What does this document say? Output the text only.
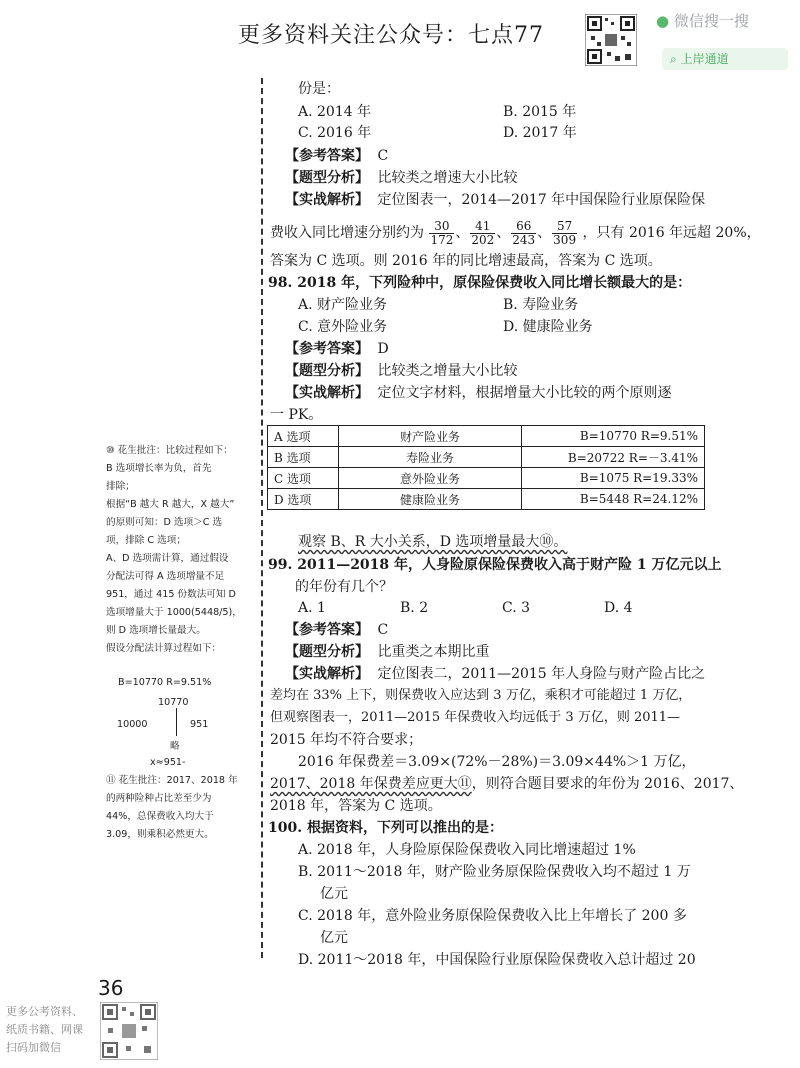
更多资料关注公众号：七点77
● 微信搜一搜
⌕ 上岸通道
份是：
A. 2014 年	B. 2015 年
C. 2016 年	D. 2017 年
【参考答案】 C
【题型分析】 比较类之增速大小比较
【实战解析】 定位图表一，2014—2017 年中国保险行业原保险保
费收入同比增速分别约为 $\frac{30}{172}$ 、 $\frac{41}{202}$ 、 $\frac{66}{243}$ 、 $\frac{57}{309}$ ，只有 2016 年远超 20%，
答案为 C 选项。则 2016 年的同比增速最高，答案为 C 选项。
98. 2018 年，下列险种中，原保险保费收入同比增长额最大的是：
A. 财产险业务	B. 寿险业务
C. 意外险业务	D. 健康险业务
【参考答案】 D
【题型分析】 比较类之增量大小比较
【实战解析】 定位文字材料，根据增量大小比较的两个原则逐
一 PK。
A 选项	财产险业务	B=10770 R=9.51%
B 选项	寿险业务	B=20722 R=－3.41%
C 选项	意外险业务	B=1075 R=19.33%
D 选项	健康险业务	B=5448 R=24.12%
观察 B、R 大小关系，D 选项增量最大⑩。
99. 2011—2018 年，人身险原保险保费收入高于财产险 1 万亿元以上
的年份有几个？
A. 1	B. 2	C. 3	D. 4
【参考答案】 C
【题型分析】 比重类之本期比重
【实战解析】 定位图表二，2011—2015 年人身险与财产险占比之
差均在 33% 上下，则保费收入应达到 3 万亿，乘积才可能超过 1 万亿，
但观察图表一，2011—2015 年保费收入均远低于 3 万亿，则 2011—
2015 年均不符合要求；
2016 年保费差＝3.09×(72%－28%)＝3.09×44%＞1 万亿，
2017、2018 年保费差应更大⑪，则符合题目要求的年份为 2016、2017、
2018 年，答案为 C 选项。
100. 根据资料，下列可以推出的是：
A. 2018 年，人身险原保险保费收入同比增速超过 1%
B. 2011～2018 年，财产险业务原保险保费收入均不超过 1 万
亿元
C. 2018 年，意外险业务原保险保费收入比上年增长了 200 多
亿元
D. 2011～2018 年，中国保险行业原保险保费收入总计超过 20
⑩ 花生批注：比较过程如下：
B 选项增长率为负，首先
排除；
根据“B 越大 R 越大，X 越大”
的原则可知：D 选项＞C 选
项，排除 C 选项；
A、D 选项需计算，通过假设
分配法可得 A 选项增量不足
951，通过 415 份数法可知 D
选项增量大于 1000(5448/5)，
则 D 选项增长量最大。
假设分配法计算过程如下：
B=10770 R=9.51%
10770
10000	951
略
x≈951-
⑪ 花生批注：2017、2018 年
的两种险种占比差至少为
44%，总保费收入均大于
3.09，则乘积必然更大。
36
更多公考资料、
纸质书籍、网课
扫码加微信
